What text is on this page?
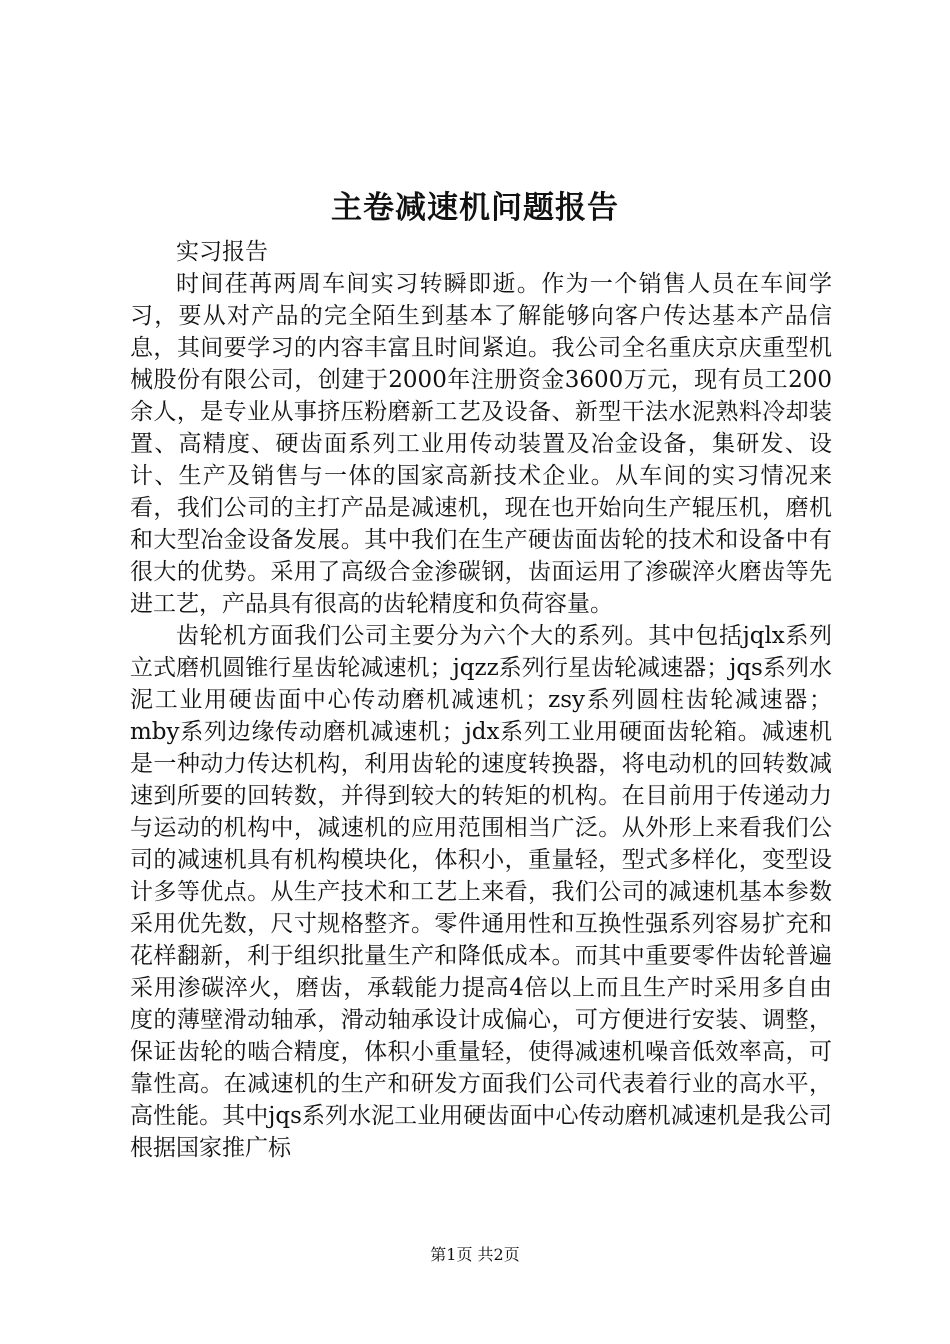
主卷减速机问题报告

实习报告

时间荏苒两周车间实习转瞬即逝。作为一个销售人员在车间学习，要从对产品的完全陌生到基本了解能够向客户传达基本产品信息，其间要学习的内容丰富且时间紧迫。我公司全名重庆京庆重型机械股份有限公司，创建于2000年注册资金3600万元，现有员工200余人，是专业从事挤压粉磨新工艺及设备、新型干法水泥熟料冷却装置、高精度、硬齿面系列工业用传动装置及冶金设备，集研发、设计、生产及销售与一体的国家高新技术企业。从车间的实习情况来看，我们公司的主打产品是减速机，现在也开始向生产辊压机，磨机和大型冶金设备发展。其中我们在生产硬齿面齿轮的技术和设备中有很大的优势。采用了高级合金渗碳钢，齿面运用了渗碳淬火磨齿等先进工艺，产品具有很高的齿轮精度和负荷容量。

齿轮机方面我们公司主要分为六个大的系列。其中包括jqlx系列立式磨机圆锥行星齿轮减速机；jqzz系列行星齿轮减速器；jqs系列水泥工业用硬齿面中心传动磨机减速机；zsy系列圆柱齿轮减速器；mby系列边缘传动磨机减速机；jdx系列工业用硬面齿轮箱。减速机是一种动力传达机构，利用齿轮的速度转换器，将电动机的回转数减速到所要的回转数，并得到较大的转矩的机构。在目前用于传递动力与运动的机构中，减速机的应用范围相当广泛。从外形上来看我们公司的减速机具有机构模块化，体积小，重量轻，型式多样化，变型设计多等优点。从生产技术和工艺上来看，我们公司的减速机基本参数采用优先数，尺寸规格整齐。零件通用性和互换性强系列容易扩充和花样翻新，利于组织批量生产和降低成本。而其中重要零件齿轮普遍采用渗碳淬火，磨齿，承载能力提高4倍以上而且生产时采用多自由度的薄壁滑动轴承，滑动轴承设计成偏心，可方便进行安装、调整，保证齿轮的啮合精度，体积小重量轻，使得减速机噪音低效率高，可靠性高。在减速机的生产和研发方面我们公司代表着行业的高水平，高性能。其中jqs系列水泥工业用硬齿面中心传动磨机减速机是我公司根据国家推广标

第1页 共2页
